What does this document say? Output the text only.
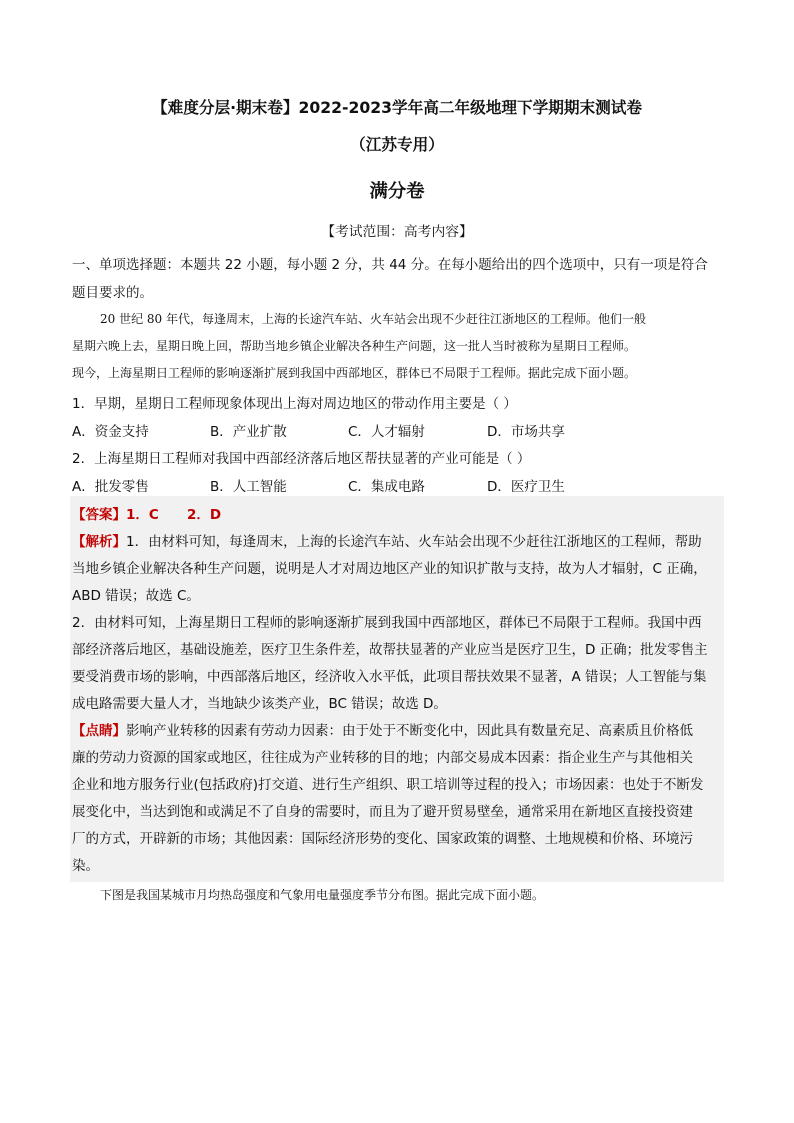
【难度分层·期末卷】2022-2023学年高二年级地理下学期期末测试卷
（江苏专用）
满分卷
【考试范围：高考内容】
一、单项选择题：本题共 22 小题，每小题 2 分，共 44 分。在每小题给出的四个选项中，只有一项是符合
题目要求的。
20 世纪 80 年代，每逢周末，上海的长途汽车站、火车站会出现不少赶往江浙地区的工程师。他们一般
星期六晚上去，星期日晚上回，帮助当地乡镇企业解决各种生产问题，这一批人当时被称为星期日工程师。
现今，上海星期日工程师的影响逐渐扩展到我国中西部地区，群体已不局限于工程师。据此完成下面小题。
1．早期，星期日工程师现象体现出上海对周边地区的带动作用主要是（ ）
A．资金支持	B．产业扩散	C．人才辐射	D．市场共享
2．上海星期日工程师对我国中西部经济落后地区帮扶显著的产业可能是（ ）
A．批发零售	B．人工智能	C．集成电路	D．医疗卫生
【答案】1．C      2．D
【解析】1．由材料可知，每逢周末，上海的长途汽车站、火车站会出现不少赶往江浙地区的工程师，帮助
当地乡镇企业解决各种生产问题，说明是人才对周边地区产业的知识扩散与支持，故为人才辐射，C 正确，
ABD 错误；故选 C。
2．由材料可知，上海星期日工程师的影响逐渐扩展到我国中西部地区，群体已不局限于工程师。我国中西
部经济落后地区，基础设施差，医疗卫生条件差，故帮扶显著的产业应当是医疗卫生，D 正确；批发零售主
要受消费市场的影响，中西部落后地区，经济收入水平低，此项目帮扶效果不显著，A 错误；人工智能与集
成电路需要大量人才，当地缺少该类产业，BC 错误；故选 D。
【点睛】影响产业转移的因素有劳动力因素：由于处于不断变化中，因此具有数量充足、高素质且价格低
廉的劳动力资源的国家或地区，往往成为产业转移的目的地；内部交易成本因素：指企业生产与其他相关
企业和地方服务行业(包括政府)打交道、进行生产组织、职工培训等过程的投入；市场因素：也处于不断发
展变化中，当达到饱和或满足不了自身的需要时，而且为了避开贸易壁垒，通常采用在新地区直接投资建
厂的方式，开辟新的市场；其他因素：国际经济形势的变化、国家政策的调整、土地规模和价格、环境污
染。
下图是我国某城市月均热岛强度和气象用电量强度季节分布图。据此完成下面小题。
